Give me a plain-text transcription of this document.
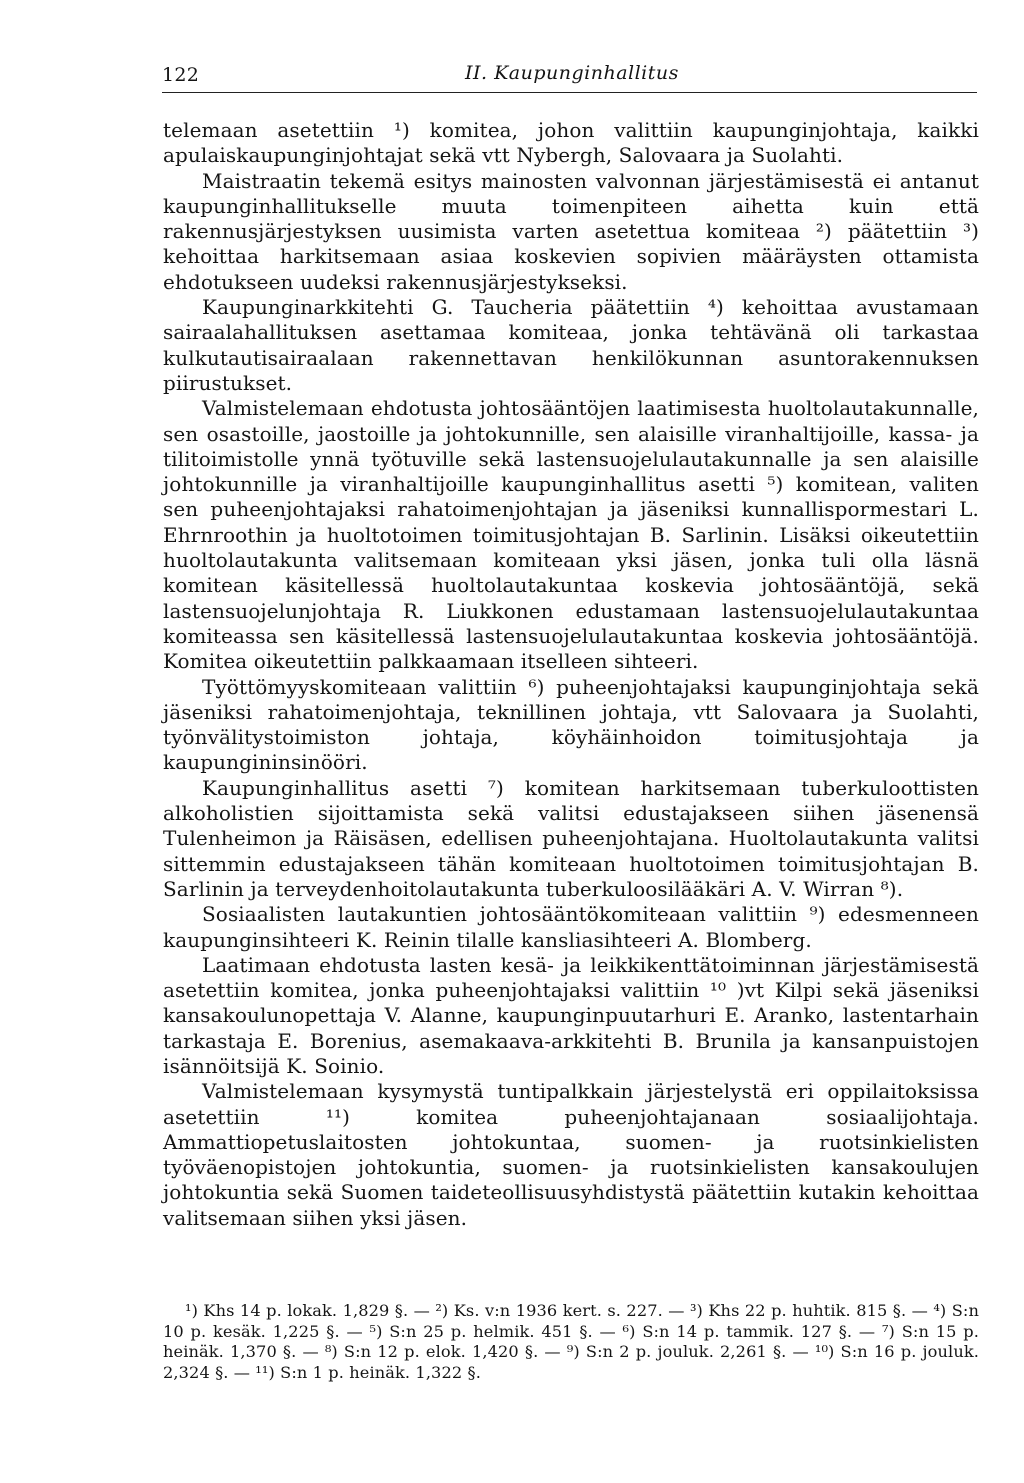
122	II. Kaupunginhallitus

telemaan asetettiin ¹) komitea, johon valittiin kaupunginjohtaja, kaikki apulaiskaupunginjohtajat sekä vtt Nybergh, Salovaara ja Suolahti.

Maistraatin tekemä esitys mainosten valvonnan järjestämisestä ei antanut kaupunginhallitukselle muuta toimenpiteen aihetta kuin että rakennusjärjestyksen uusimista varten asetettua komiteaa ²) päätettiin ³) kehoittaa harkitsemaan asiaa koskevien sopivien määräysten ottamista ehdotukseen uudeksi rakennusjärjestykseksi.

Kaupunginarkkitehti G. Taucheria päätettiin ⁴) kehoittaa avustamaan sairaalahallituksen asettamaa komiteaa, jonka tehtävänä oli tarkastaa kulkutautisairaalaan rakennettavan henkilökunnan asuntorakennuksen piirustukset.

Valmistelemaan ehdotusta johtosääntöjen laatimisesta huoltolautakunnalle, sen osastoille, jaostoille ja johtokunnille, sen alaisille viranhaltijoille, kassa- ja tilitoimistolle ynnä työtuville sekä lastensuojelulautakunnalle ja sen alaisille johtokunnille ja viranhaltijoille kaupunginhallitus asetti ⁵) komitean, valiten sen puheenjohtajaksi rahatoimenjohtajan ja jäseniksi kunnallispormestari L. Ehrnroothin ja huoltotoimen toimitusjohtajan B. Sarlinin. Lisäksi oikeutettiin huoltolautakunta valitsemaan komiteaan yksi jäsen, jonka tuli olla läsnä komitean käsitellessä huoltolautakuntaa koskevia johtosääntöjä, sekä lastensuojelunjohtaja R. Liukkonen edustamaan lastensuojelulautakuntaa komiteassa sen käsitellessä lastensuojelulautakuntaa koskevia johtosääntöjä. Komitea oikeutettiin palkkaamaan itselleen sihteeri.

Työttömyyskomiteaan valittiin ⁶) puheenjohtajaksi kaupunginjohtaja sekä jäseniksi rahatoimenjohtaja, teknillinen johtaja, vtt Salovaara ja Suolahti, työnvälitystoimiston johtaja, köyhäinhoidon toimitusjohtaja ja kaupungininsinööri.

Kaupunginhallitus asetti ⁷) komitean harkitsemaan tuberkuloottisten alkoholistien sijoittamista sekä valitsi edustajakseen siihen jäsenensä Tulenheimon ja Räisäsen, edellisen puheenjohtajana. Huoltolautakunta valitsi sittemmin edustajakseen tähän komiteaan huoltotoimen toimitusjohtajan B. Sarlinin ja terveydenhoitolautakunta tuberkuloosilääkäri A. V. Wirran ⁸).

Sosiaalisten lautakuntien johtosääntökomiteaan valittiin ⁹) edesmenneen kaupunginsihteeri K. Reinin tilalle kansliasihteeri A. Blomberg.

Laatimaan ehdotusta lasten kesä- ja leikkikenttätoiminnan järjestämisestä asetettiin komitea, jonka puheenjohtajaksi valittiin ¹⁰ )vt Kilpi sekä jäseniksi kansakoulunopettaja V. Alanne, kaupunginpuutarhuri E. Aranko, lastentarhain tarkastaja E. Borenius, asemakaava-arkkitehti B. Brunila ja kansanpuistojen isännöitsijä K. Soinio.

Valmistelemaan kysymystä tuntipalkkain järjestelystä eri oppilaitoksissa asetettiin ¹¹) komitea puheenjohtajanaan sosiaalijohtaja. Ammattiopetuslaitosten johtokuntaa, suomen- ja ruotsinkielisten työväenopistojen johtokuntia, suomen- ja ruotsinkielisten kansakoulujen johtokuntia sekä Suomen taideteollisuusyhdistystä päätettiin kutakin kehoittaa valitsemaan siihen yksi jäsen.

¹) Khs 14 p. lokak. 1,829 §. — ²) Ks. v:n 1936 kert. s. 227. — ³) Khs 22 p. huhtik. 815 §. — ⁴) S:n 10 p. kesäk. 1,225 §. — ⁵) S:n 25 p. helmik. 451 §. — ⁶) S:n 14 p. tammik. 127 §. — ⁷) S:n 15 p. heinäk. 1,370 §. — ⁸) S:n 12 p. elok. 1,420 §. — ⁹) S:n 2 p. jouluk. 2,261 §. — ¹⁰) S:n 16 p. jouluk. 2,324 §. — ¹¹) S:n 1 p. heinäk. 1,322 §.
